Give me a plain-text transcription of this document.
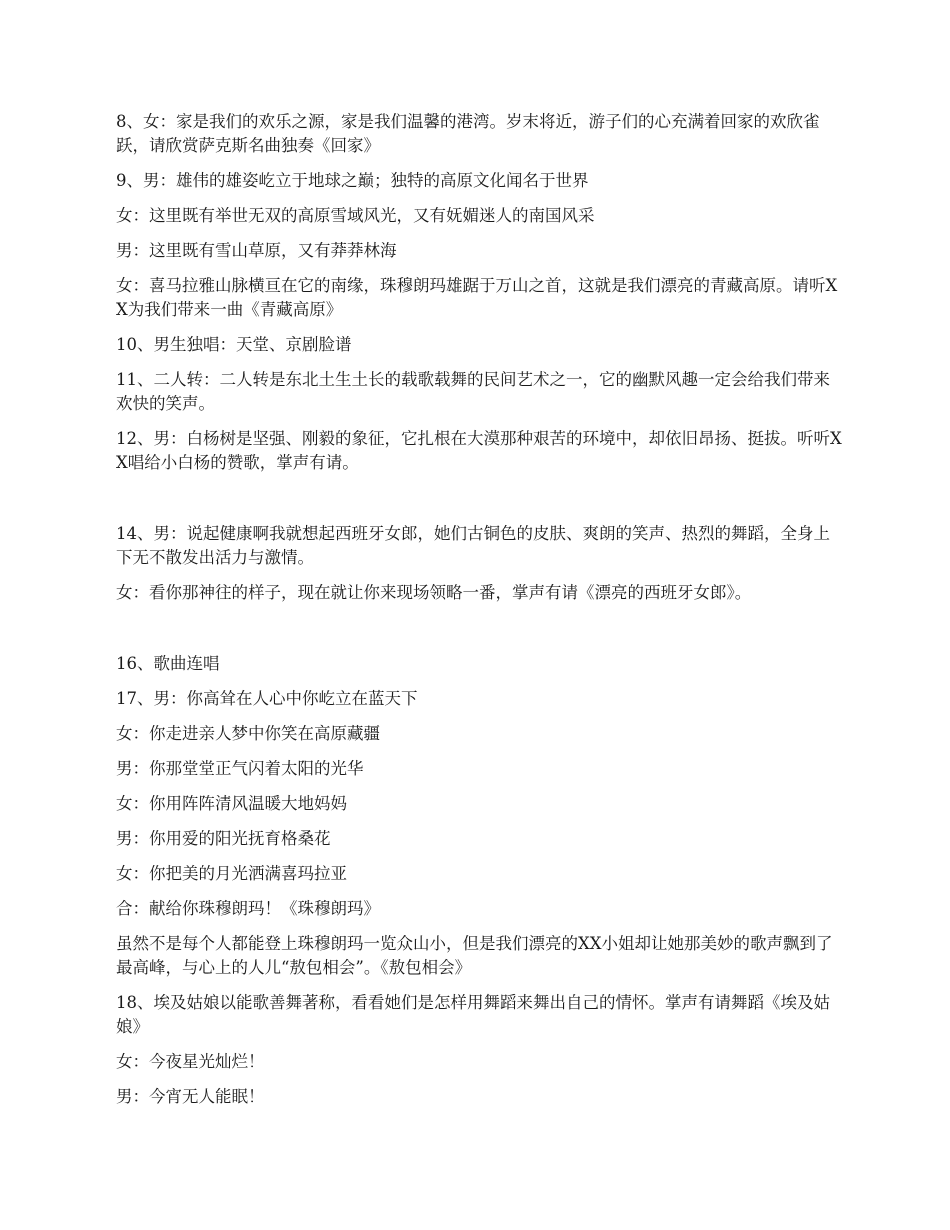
8、女：家是我们的欢乐之源，家是我们温馨的港湾。岁末将近，游子们的心充满着回家的欢欣雀跃，请欣赏萨克斯名曲独奏《回家》

9、男：雄伟的雄姿屹立于地球之巅；独特的高原文化闻名于世界

女：这里既有举世无双的高原雪域风光，又有妩媚迷人的南国风采

男：这里既有雪山草原，又有莽莽林海

女：喜马拉雅山脉横亘在它的南缘，珠穆朗玛雄踞于万山之首，这就是我们漂亮的青藏高原。请听XX为我们带来一曲《青藏高原》

10、男生独唱：天堂、京剧脸谱

11、二人转：二人转是东北土生土长的载歌载舞的民间艺术之一，它的幽默风趣一定会给我们带来欢快的笑声。

12、男：白杨树是坚强、刚毅的象征，它扎根在大漠那种艰苦的环境中，却依旧昂扬、挺拔。听听XX唱给小白杨的赞歌，掌声有请。

14、男：说起健康啊我就想起西班牙女郎，她们古铜色的皮肤、爽朗的笑声、热烈的舞蹈，全身上下无不散发出活力与激情。

女：看你那神往的样子，现在就让你来现场领略一番，掌声有请《漂亮的西班牙女郎》。

16、歌曲连唱

17、男：你高耸在人心中你屹立在蓝天下

女：你走进亲人梦中你笑在高原藏疆

男：你那堂堂正气闪着太阳的光华

女：你用阵阵清风温暖大地妈妈

男：你用爱的阳光抚育格桑花

女：你把美的月光洒满喜玛拉亚

合：献给你珠穆朗玛！《珠穆朗玛》

虽然不是每个人都能登上珠穆朗玛一览众山小，但是我们漂亮的XX小姐却让她那美妙的歌声飘到了最高峰，与心上的人儿“敖包相会”。《敖包相会》

18、埃及姑娘以能歌善舞著称，看看她们是怎样用舞蹈来舞出自己的情怀。掌声有请舞蹈《埃及姑娘》

女：今夜星光灿烂！

男：今宵无人能眠！
